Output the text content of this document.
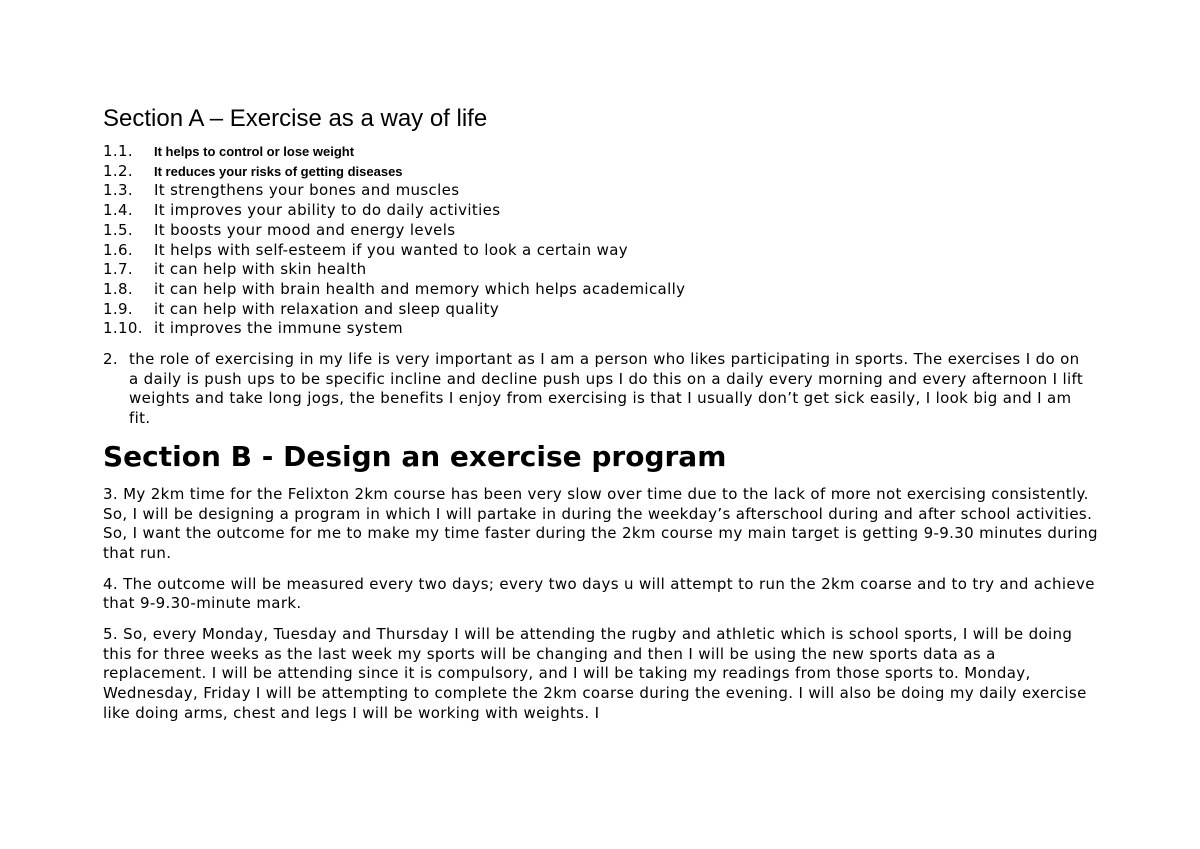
Section A – Exercise as a way of life
1.1.	It helps to control or lose weight
1.2.	It reduces your risks of getting diseases
1.3.	It strengthens your bones and muscles
1.4.	It improves your ability to do daily activities
1.5.	It boosts your mood and energy levels
1.6.	It helps with self-esteem if you wanted to look a certain way
1.7.	it can help with skin health
1.8.	it can help with brain health and memory which helps academically
1.9.	it can help with relaxation and sleep quality
1.10. it improves the immune system
2. the role of exercising in my life is very important as I am a person who likes participating in sports. The exercises I do on a daily is push ups to be specific incline and decline push ups I do this on a daily every morning and every afternoon I lift weights and take long jogs, the benefits I enjoy from exercising is that I usually don’t get sick easily, I look big and I am fit.
Section B - Design an exercise program

3. My 2km time for the Felixton 2km course has been very slow over time due to the lack of more not exercising consistently. So, I will be designing a program in which I will partake in during the weekday’s afterschool during and after school activities. So, I want the outcome for me to make my time faster during the 2km course my main target is getting 9-9.30 minutes during that run.

4. The outcome will be measured every two days; every two days u will attempt to run the 2km coarse and to try and achieve that 9-9.30-minute mark.

5. So, every Monday, Tuesday and Thursday I will be attending the rugby and athletic which is school sports, I will be doing this for three weeks as the last week my sports will be changing and then I will be using the new sports data as a replacement. I will be attending since it is compulsory, and I will be taking my readings from those sports to. Monday, Wednesday, Friday I will be attempting to complete the 2km coarse during the evening. I will also be doing my daily exercise like doing arms, chest and legs I will be working with weights. I
